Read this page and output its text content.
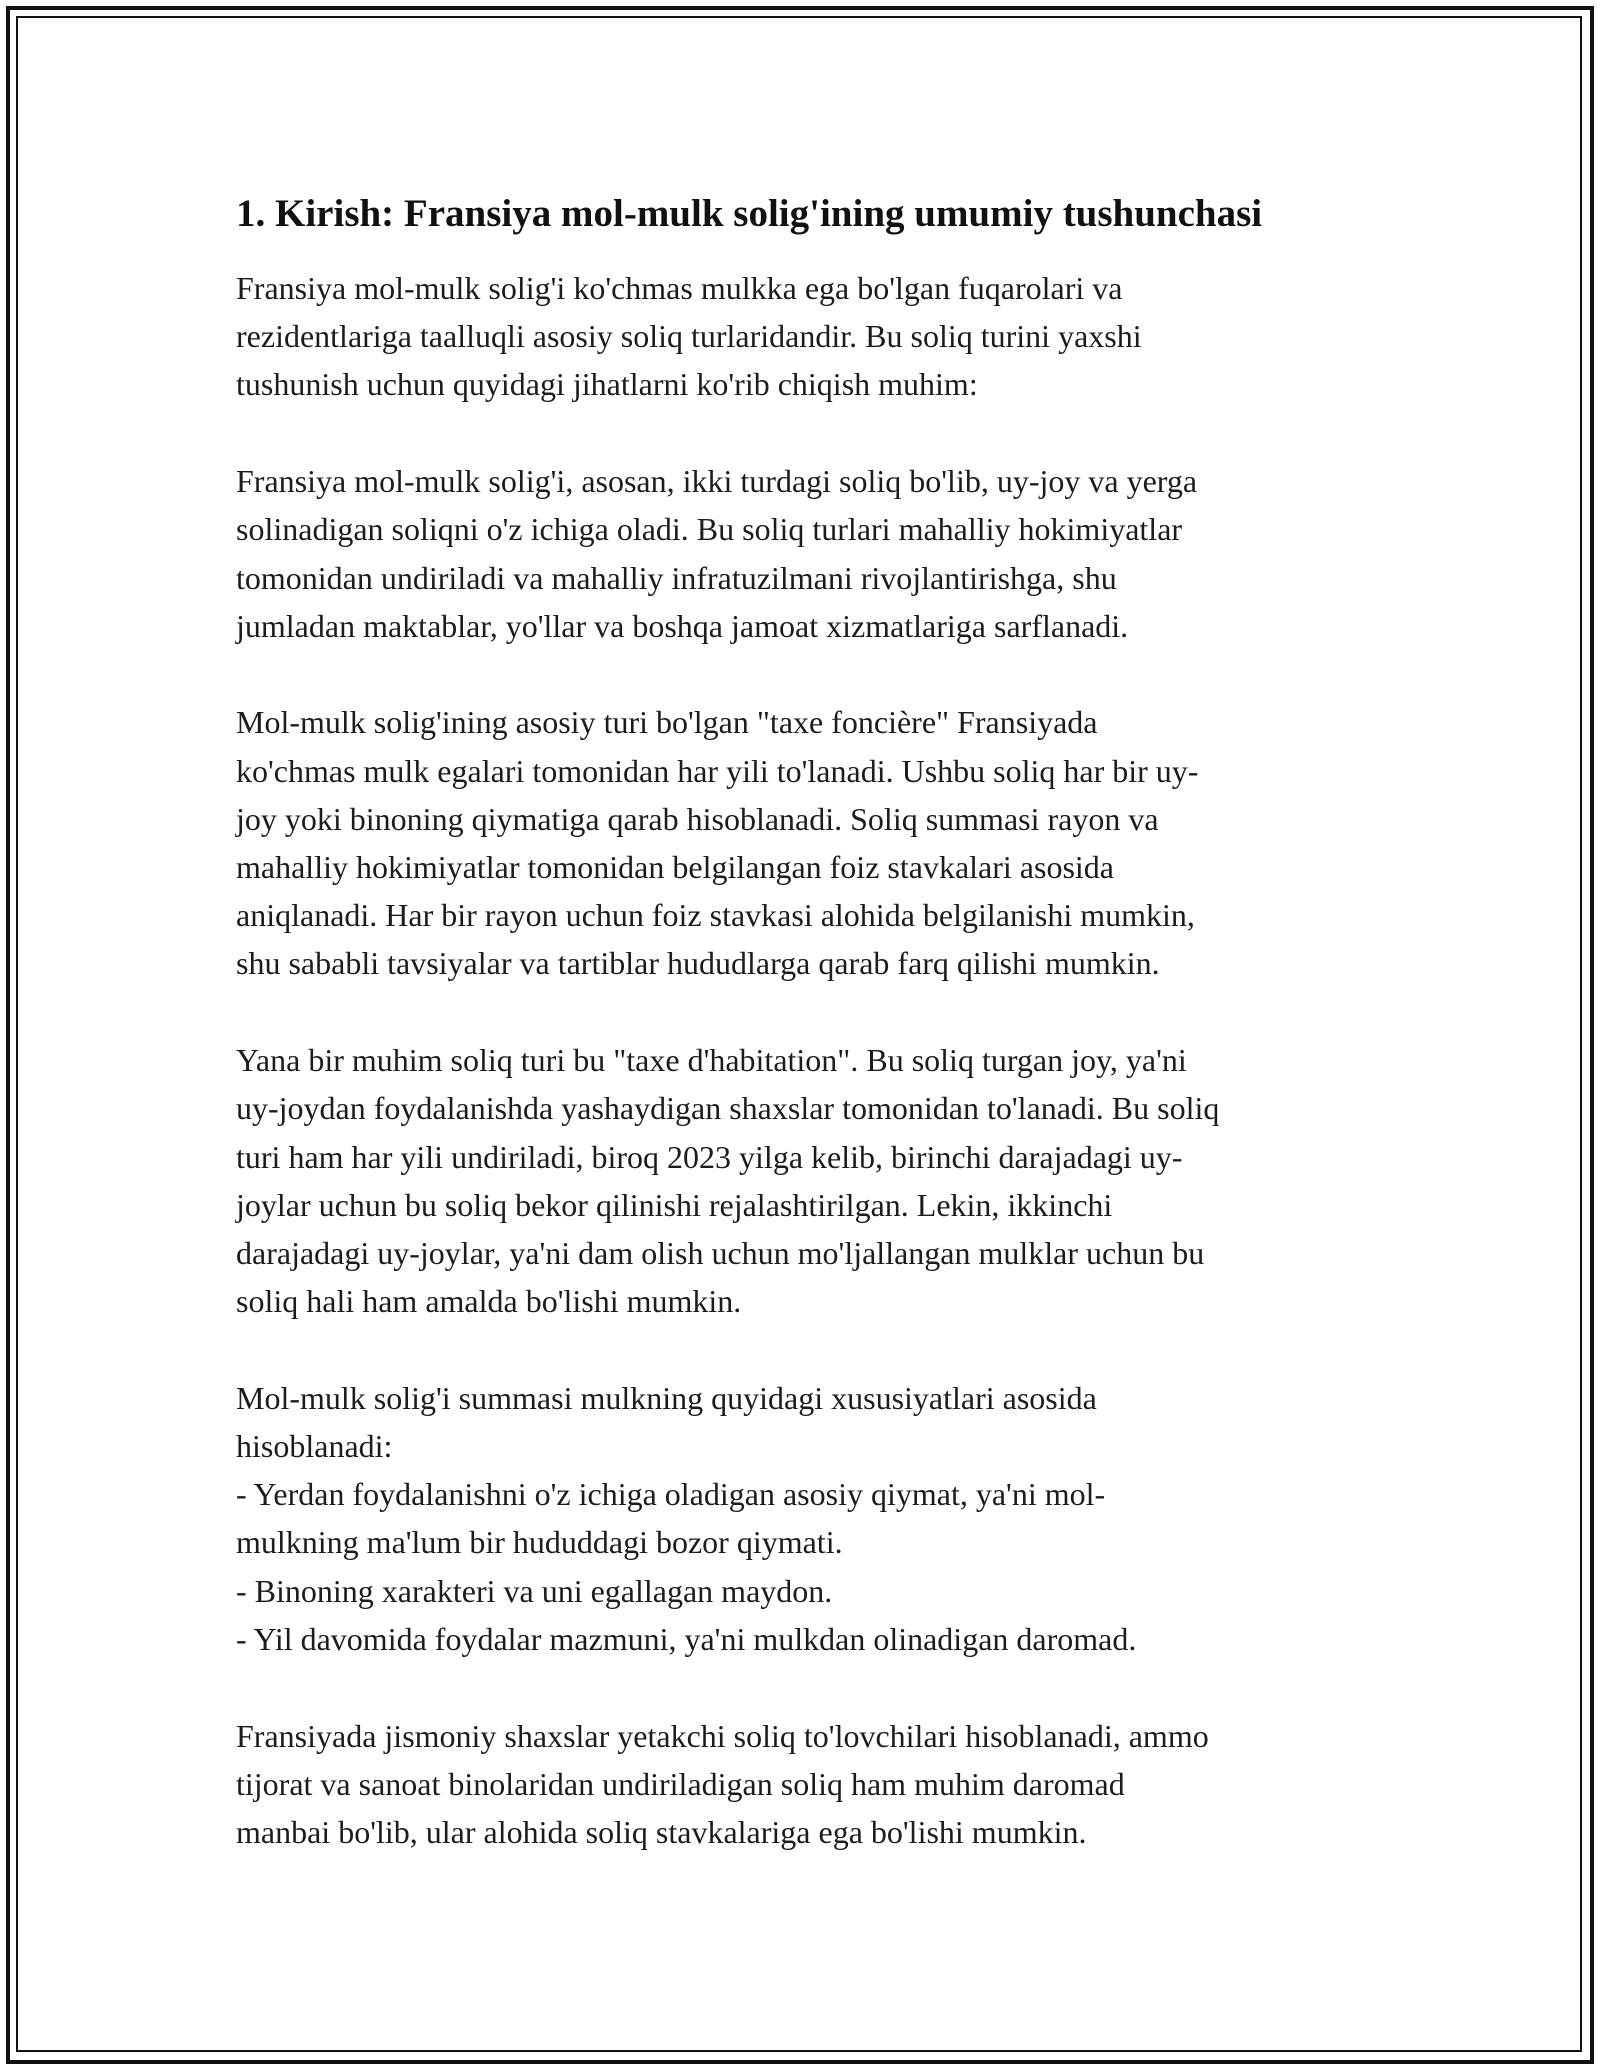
1. Kirish: Fransiya mol-mulk solig'ining umumiy tushunchasi

Fransiya mol-mulk solig'i ko'chmas mulkka ega bo'lgan fuqarolari va
rezidentlariga taalluqli asosiy soliq turlaridandir. Bu soliq turini yaxshi
tushunish uchun quyidagi jihatlarni ko'rib chiqish muhim:

Fransiya mol-mulk solig'i, asosan, ikki turdagi soliq bo'lib, uy-joy va yerga
solinadigan soliqni o'z ichiga oladi. Bu soliq turlari mahalliy hokimiyatlar
tomonidan undiriladi va mahalliy infratuzilmani rivojlantirishga, shu
jumladan maktablar, yo'llar va boshqa jamoat xizmatlariga sarflanadi.

Mol-mulk solig'ining asosiy turi bo'lgan "taxe foncière" Fransiyada
ko'chmas mulk egalari tomonidan har yili to'lanadi. Ushbu soliq har bir uy-
joy yoki binoning qiymatiga qarab hisoblanadi. Soliq summasi rayon va
mahalliy hokimiyatlar tomonidan belgilangan foiz stavkalari asosida
aniqlanadi. Har bir rayon uchun foiz stavkasi alohida belgilanishi mumkin,
shu sababli tavsiyalar va tartiblar hududlarga qarab farq qilishi mumkin.

Yana bir muhim soliq turi bu "taxe d'habitation". Bu soliq turgan joy, ya'ni
uy-joydan foydalanishda yashaydigan shaxslar tomonidan to'lanadi. Bu soliq
turi ham har yili undiriladi, biroq 2023 yilga kelib, birinchi darajadagi uy-
joylar uchun bu soliq bekor qilinishi rejalashtirilgan. Lekin, ikkinchi
darajadagi uy-joylar, ya'ni dam olish uchun mo'ljallangan mulklar uchun bu
soliq hali ham amalda bo'lishi mumkin.

Mol-mulk solig'i summasi mulkning quyidagi xususiyatlari asosida
hisoblanadi:
- Yerdan foydalanishni o'z ichiga oladigan asosiy qiymat, ya'ni mol-
mulkning ma'lum bir hududdagi bozor qiymati.
- Binoning xarakteri va uni egallagan maydon.
- Yil davomida foydalar mazmuni, ya'ni mulkdan olinadigan daromad.

Fransiyada jismoniy shaxslar yetakchi soliq to'lovchilari hisoblanadi, ammo
tijorat va sanoat binolaridan undiriladigan soliq ham muhim daromad
manbai bo'lib, ular alohida soliq stavkalariga ega bo'lishi mumkin.
